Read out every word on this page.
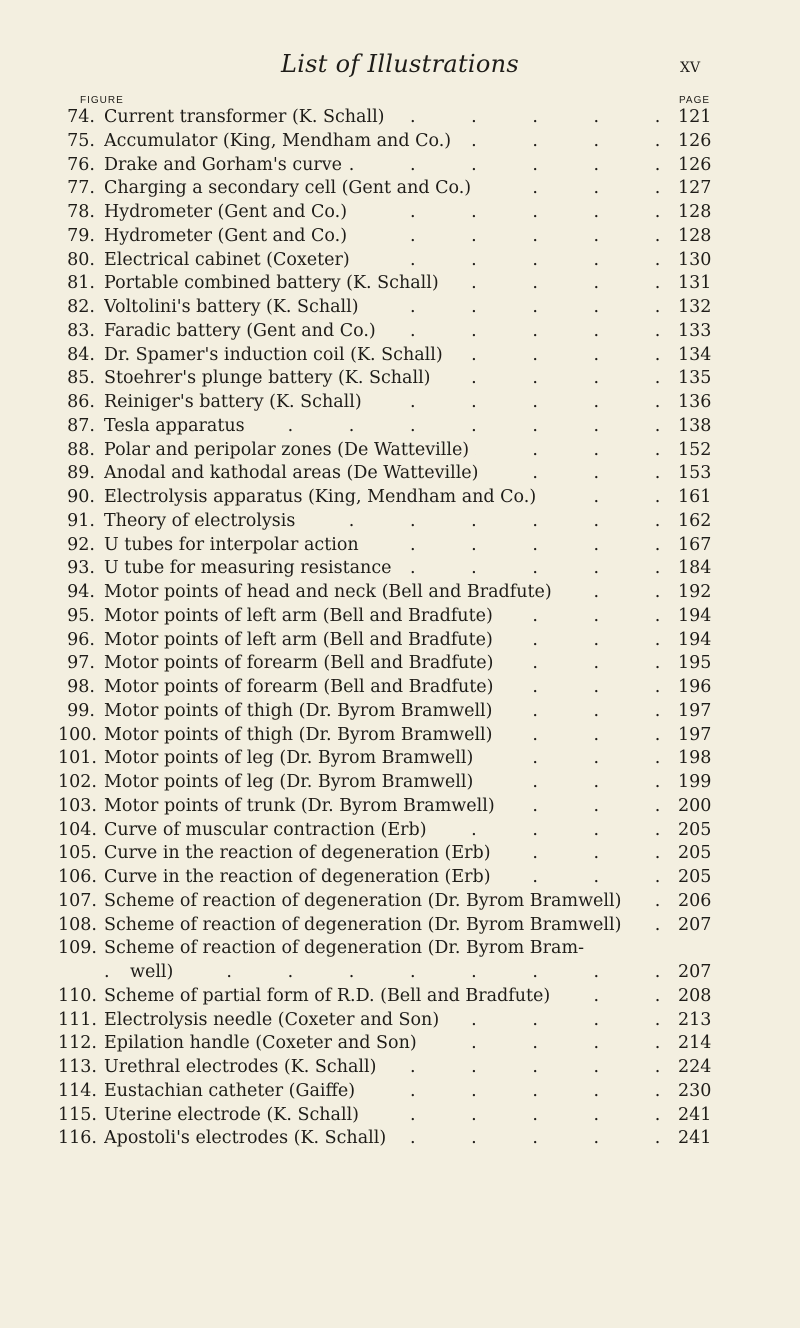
List of Illustrations	xv
FIGURE	PAGE
74. . Current transformer (K. Schall)	121
75. . Accumulator (King, Mendham and Co.)	126
76. . Drake and Gorham's curve	126
77. . Charging a secondary cell (Gent and Co.)	127
78. . Hydrometer (Gent and Co.)	128
79. . Hydrometer (Gent and Co.)	128
80. . Electrical cabinet (Coxeter)	130
81. . Portable combined battery (K. Schall)	131
82. . Voltolini's battery (K. Schall)	132
83. . Faradic battery (Gent and Co.)	133
84. . Dr. Spamer's induction coil (K. Schall)	134
85. . Stoehrer's plunge battery (K. Schall)	135
86. . Reiniger's battery (K. Schall)	136
87. . Tesla apparatus	138
88. . Polar and peripolar zones (De Watteville)	152
89. . Anodal and kathodal areas (De Watteville)	153
90. . Electrolysis apparatus (King, Mendham and Co.)	161
91. . Theory of electrolysis	162
92. . U tubes for interpolar action	167
93. . U tube for measuring resistance	184
94. . Motor points of head and neck (Bell and Bradfute)	192
95. . Motor points of left arm (Bell and Bradfute)	194
96. . Motor points of left arm (Bell and Bradfute)	194
97. . Motor points of forearm (Bell and Bradfute)	195
98. . Motor points of forearm (Bell and Bradfute)	196
99. . Motor points of thigh (Dr. Byrom Bramwell)	197
100. . Motor points of thigh (Dr. Byrom Bramwell)	197
101. . Motor points of leg (Dr. Byrom Bramwell)	198
102. . Motor points of leg (Dr. Byrom Bramwell)	199
103. . Motor points of trunk (Dr. Byrom Bramwell)	200
104. . Curve of muscular contraction (Erb)	205
105. . Curve in the reaction of degeneration (Erb)	205
106. . Curve in the reaction of degeneration (Erb)	205
107. . Scheme of reaction of degeneration (Dr. Byrom Bramwell)	206
108. . Scheme of reaction of degeneration (Dr. Byrom Bramwell)	207
109. Scheme of reaction of degeneration (Dr. Byrom Bram-
.
well)	207
110. . Scheme of partial form of R.D. (Bell and Bradfute)	208
111. . Electrolysis needle (Coxeter and Son)	213
112. . Epilation handle (Coxeter and Son)	214
113. . Urethral electrodes (K. Schall)	224
114. . Eustachian catheter (Gaiffe)	230
115. . Uterine electrode (K. Schall)	241
116. . Apostoli's electrodes (K. Schall)	241
